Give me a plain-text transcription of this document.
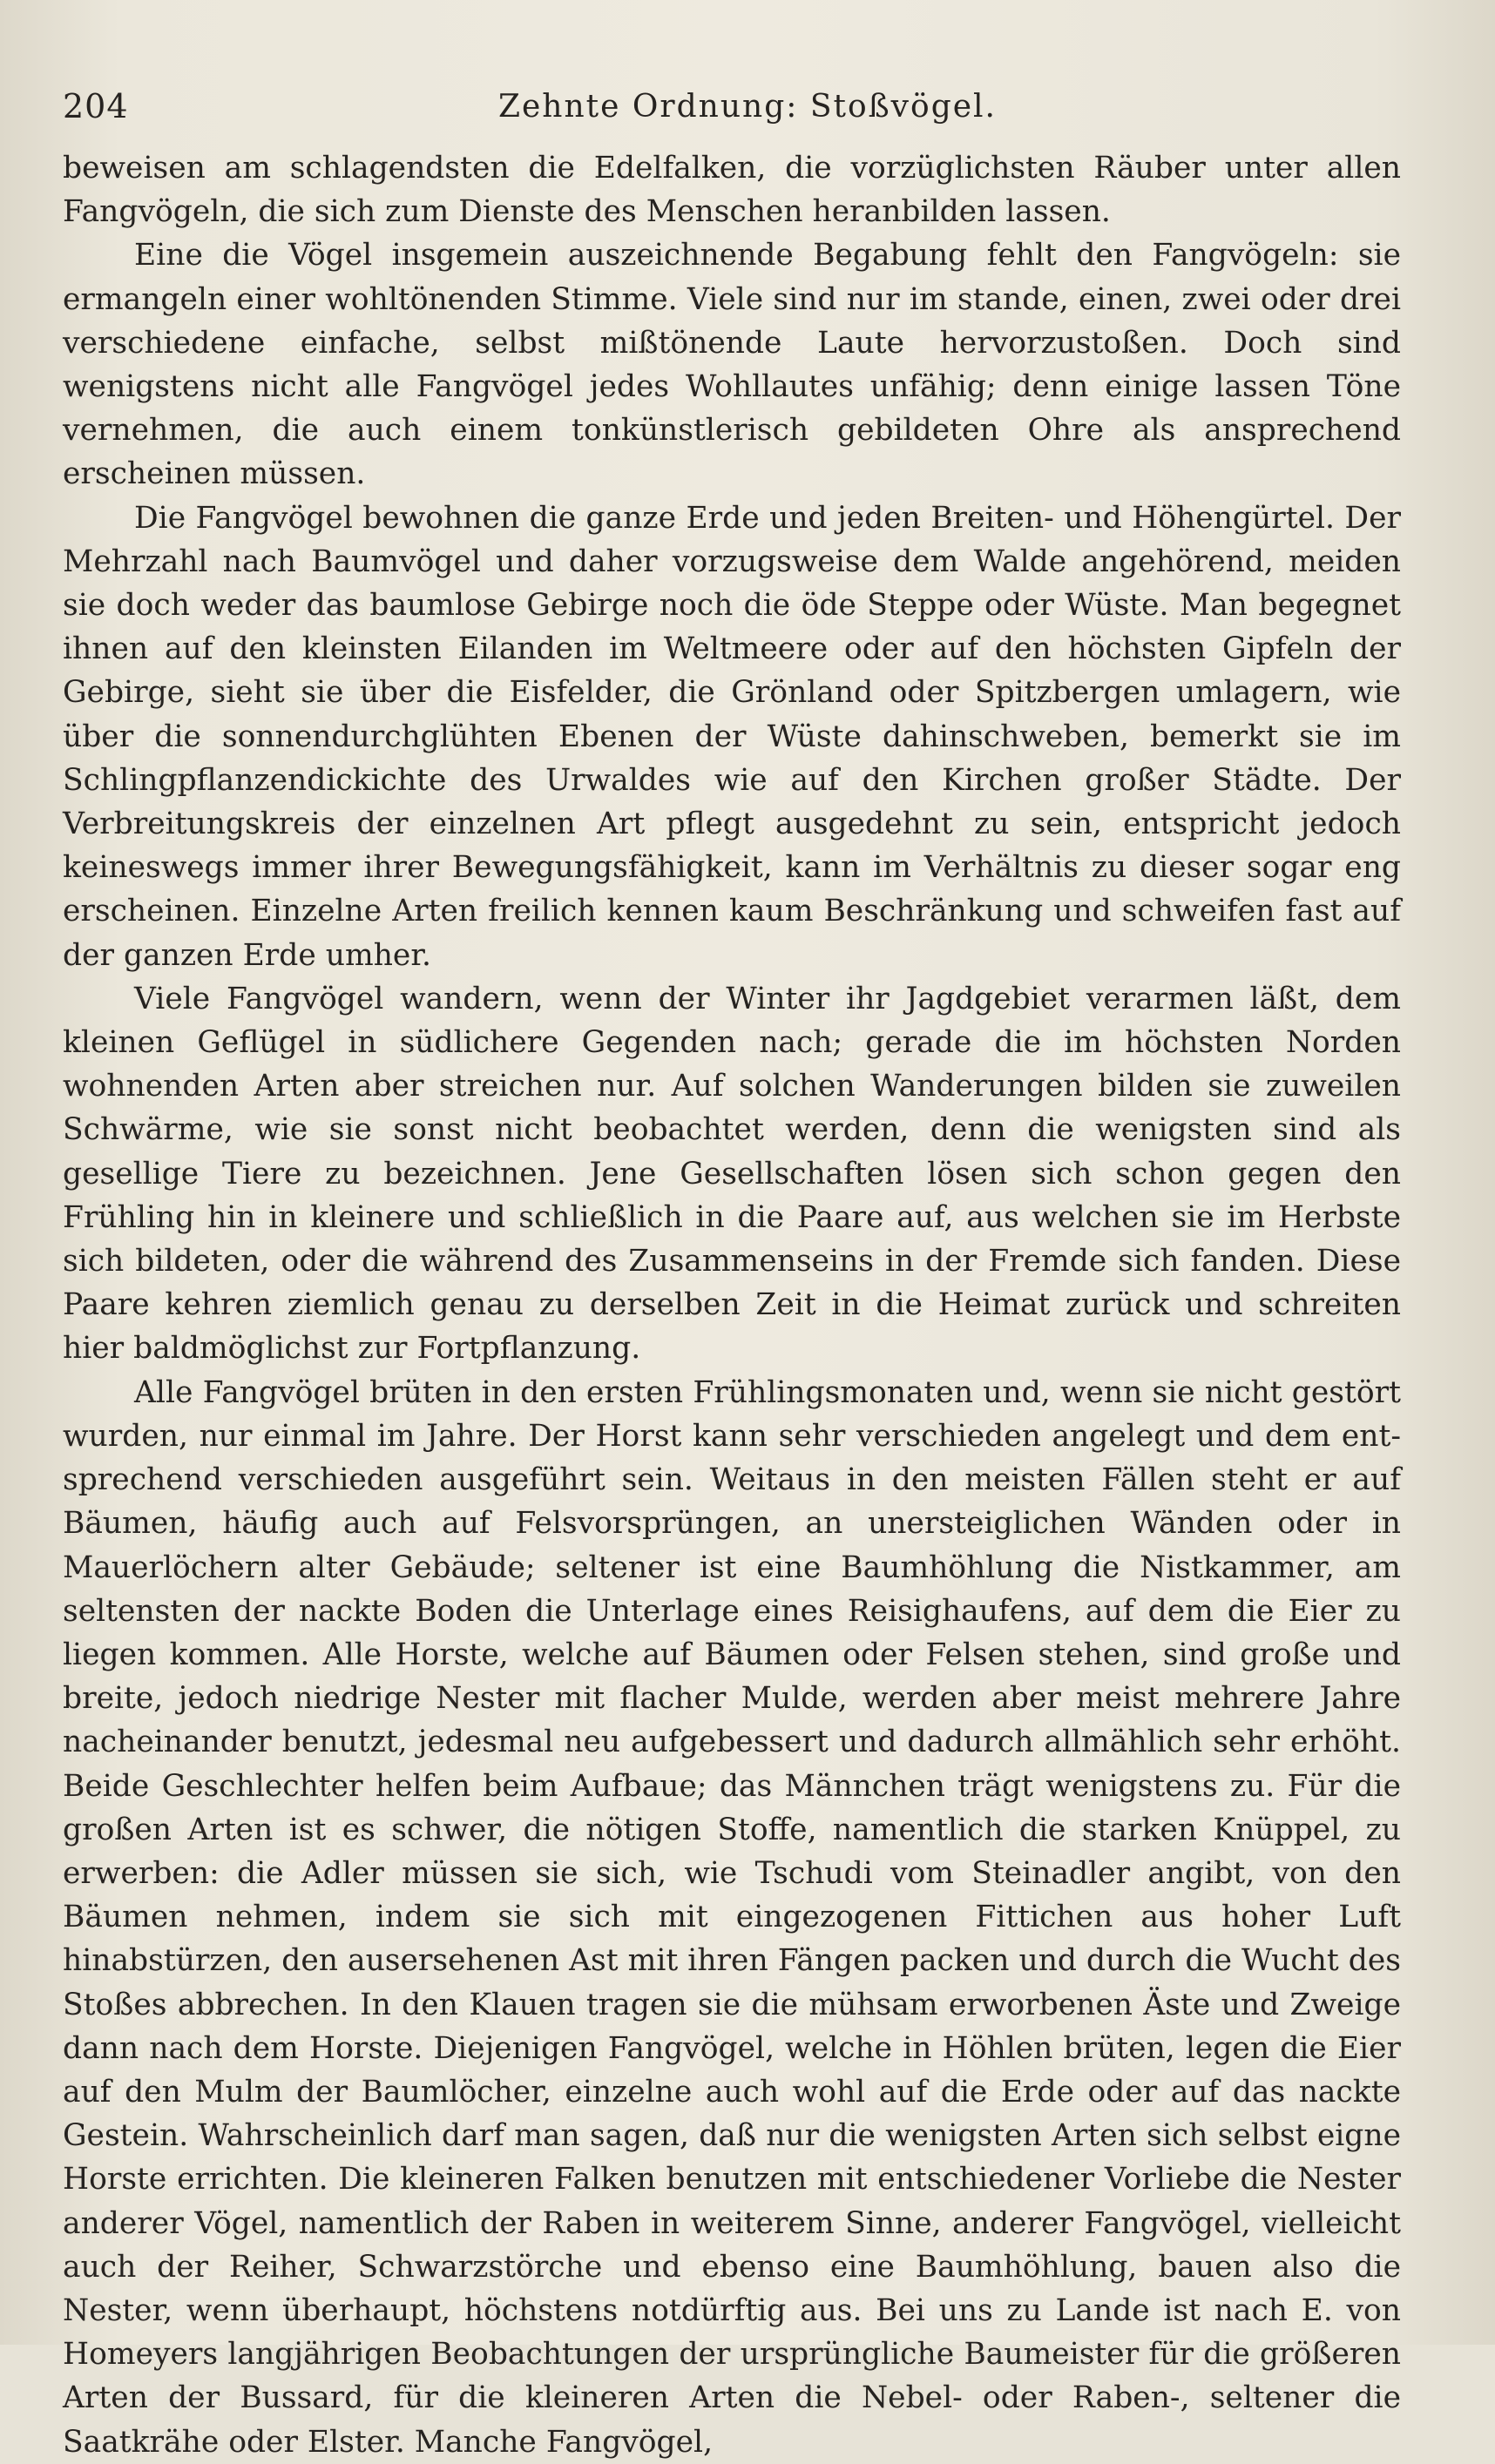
204	Zehnte Ordnung: Stoßvögel.

beweisen am schlagendsten die Edelfalken, die vorzüglichsten Räuber unter allen Fangvögeln, die sich zum Dienste des Menschen heranbilden lassen.

Eine die Vögel insgemein auszeichnende Begabung fehlt den Fangvögeln: sie ermangeln einer wohltönenden Stimme. Viele sind nur im stande, einen, zwei oder drei verschiedene einfache, selbst mißtönende Laute hervorzustoßen. Doch sind wenigstens nicht alle Fangvögel jedes Wohllautes unfähig; denn einige lassen Töne vernehmen, die auch einem tonkünstlerisch gebildeten Ohre als ansprechend erscheinen müssen.

Die Fangvögel bewohnen die ganze Erde und jeden Breiten- und Höhengürtel. Der Mehrzahl nach Baumvögel und daher vorzugsweise dem Walde angehörend, meiden sie doch weder das baumlose Gebirge noch die öde Steppe oder Wüste. Man begegnet ihnen auf den kleinsten Eilanden im Weltmeere oder auf den höchsten Gipfeln der Gebirge, sieht sie über die Eisfelder, die Grönland oder Spitzbergen umlagern, wie über die sonnendurchglühten Ebenen der Wüste dahinschweben, bemerkt sie im Schlingpflanzendickichte des Urwaldes wie auf den Kirchen großer Städte. Der Verbreitungskreis der einzelnen Art pflegt ausgedehnt zu sein, entspricht jedoch keineswegs immer ihrer Bewegungsfähigkeit, kann im Verhältnis zu dieser sogar eng erscheinen. Einzelne Arten freilich kennen kaum Beschränkung und schweifen fast auf der ganzen Erde umher.

Viele Fangvögel wandern, wenn der Winter ihr Jagdgebiet verarmen läßt, dem kleinen Geflügel in südlichere Gegenden nach; gerade die im höchsten Norden wohnenden Arten aber streichen nur. Auf solchen Wanderungen bilden sie zuweilen Schwärme, wie sie sonst nicht beobachtet werden, denn die wenigsten sind als gesellige Tiere zu bezeichnen. Jene Gesellschaften lösen sich schon gegen den Frühling hin in kleinere und schließlich in die Paare auf, aus welchen sie im Herbste sich bildeten, oder die während des Zusammenseins in der Fremde sich fanden. Diese Paare kehren ziemlich genau zu derselben Zeit in die Heimat zurück und schreiten hier baldmöglichst zur Fortpflanzung.

Alle Fangvögel brüten in den ersten Frühlingsmonaten und, wenn sie nicht gestört wurden, nur einmal im Jahre. Der Horst kann sehr verschieden angelegt und dem entsprechend verschieden ausgeführt sein. Weitaus in den meisten Fällen steht er auf Bäumen, häufig auch auf Felsvorsprüngen, an unersteiglichen Wänden oder in Mauerlöchern alter Gebäude; seltener ist eine Baumhöhlung die Nistkammer, am seltensten der nackte Boden die Unterlage eines Reisighaufens, auf dem die Eier zu liegen kommen. Alle Horste, welche auf Bäumen oder Felsen stehen, sind große und breite, jedoch niedrige Nester mit flacher Mulde, werden aber meist mehrere Jahre nacheinander benutzt, jedesmal neu aufgebessert und dadurch allmählich sehr erhöht. Beide Geschlechter helfen beim Aufbaue; das Männchen trägt wenigstens zu. Für die großen Arten ist es schwer, die nötigen Stoffe, namentlich die starken Knüppel, zu erwerben: die Adler müssen sie sich, wie Tschudi vom Steinadler angibt, von den Bäumen nehmen, indem sie sich mit eingezogenen Fittichen aus hoher Luft hinabstürzen, den ausersehenen Ast mit ihren Fängen packen und durch die Wucht des Stoßes abbrechen. In den Klauen tragen sie die mühsam erworbenen Äste und Zweige dann nach dem Horste. Diejenigen Fangvögel, welche in Höhlen brüten, legen die Eier auf den Mulm der Baumlöcher, einzelne auch wohl auf die Erde oder auf das nackte Gestein. Wahrscheinlich darf man sagen, daß nur die wenigsten Arten sich selbst eigne Horste errichten. Die kleineren Falken benutzen mit entschiedener Vorliebe die Nester anderer Vögel, namentlich der Raben in weiterem Sinne, anderer Fangvögel, vielleicht auch der Reiher, Schwarzstörche und ebenso eine Baumhöhlung, bauen also die Nester, wenn überhaupt, höchstens notdürftig aus. Bei uns zu Lande ist nach E. von Homeyers langjährigen Beobachtungen der ursprüngliche Baumeister für die größeren Arten der Bussard, für die kleineren Arten die Nebel- oder Raben-, seltener die Saatkrähe oder Elster. Manche Fangvögel,
